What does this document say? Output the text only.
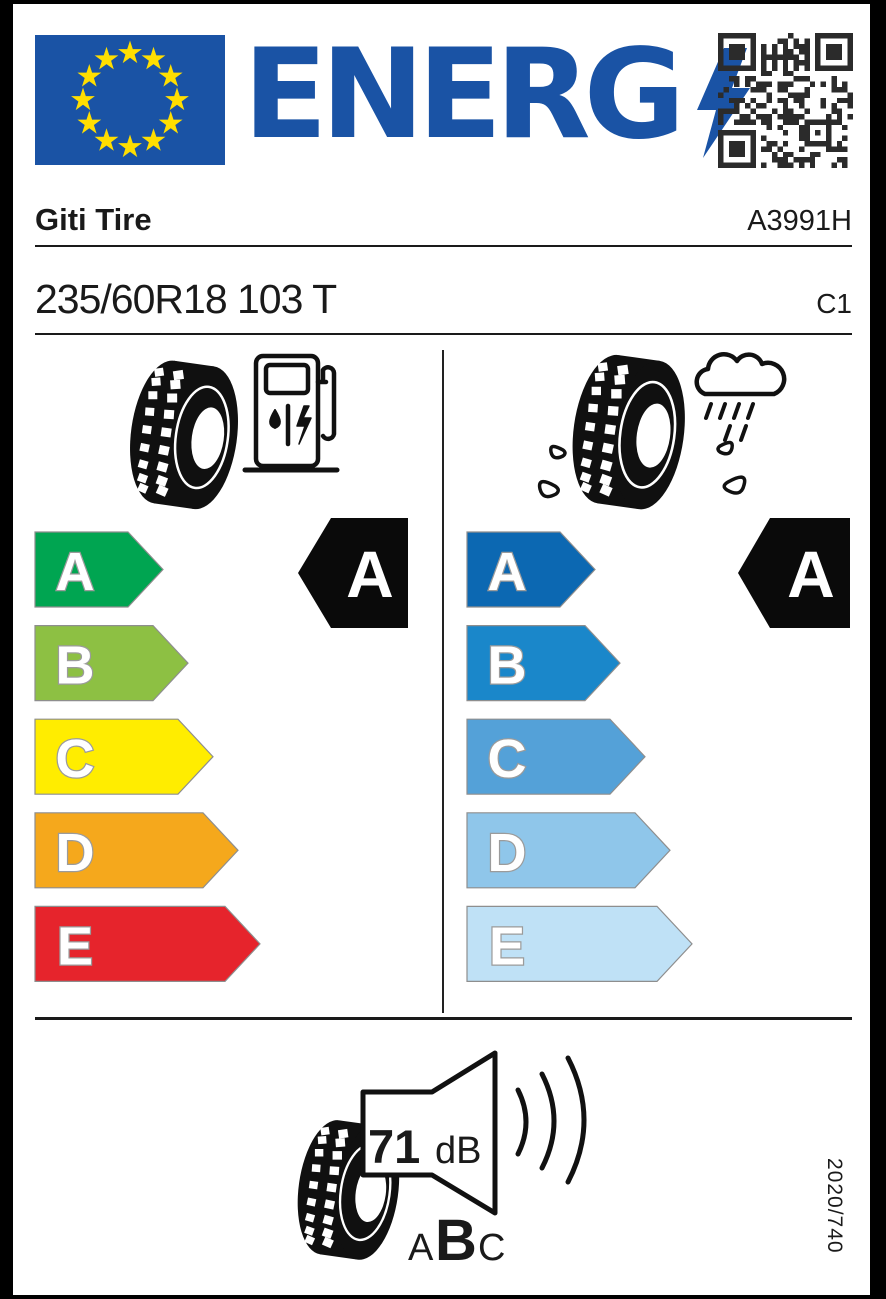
ENERG
Giti Tire	A3991H
235/60R18 103 T	C1
A
B
C
D
E
A
B
C
D
E
A	A
71 dB
A B C	2020/740
